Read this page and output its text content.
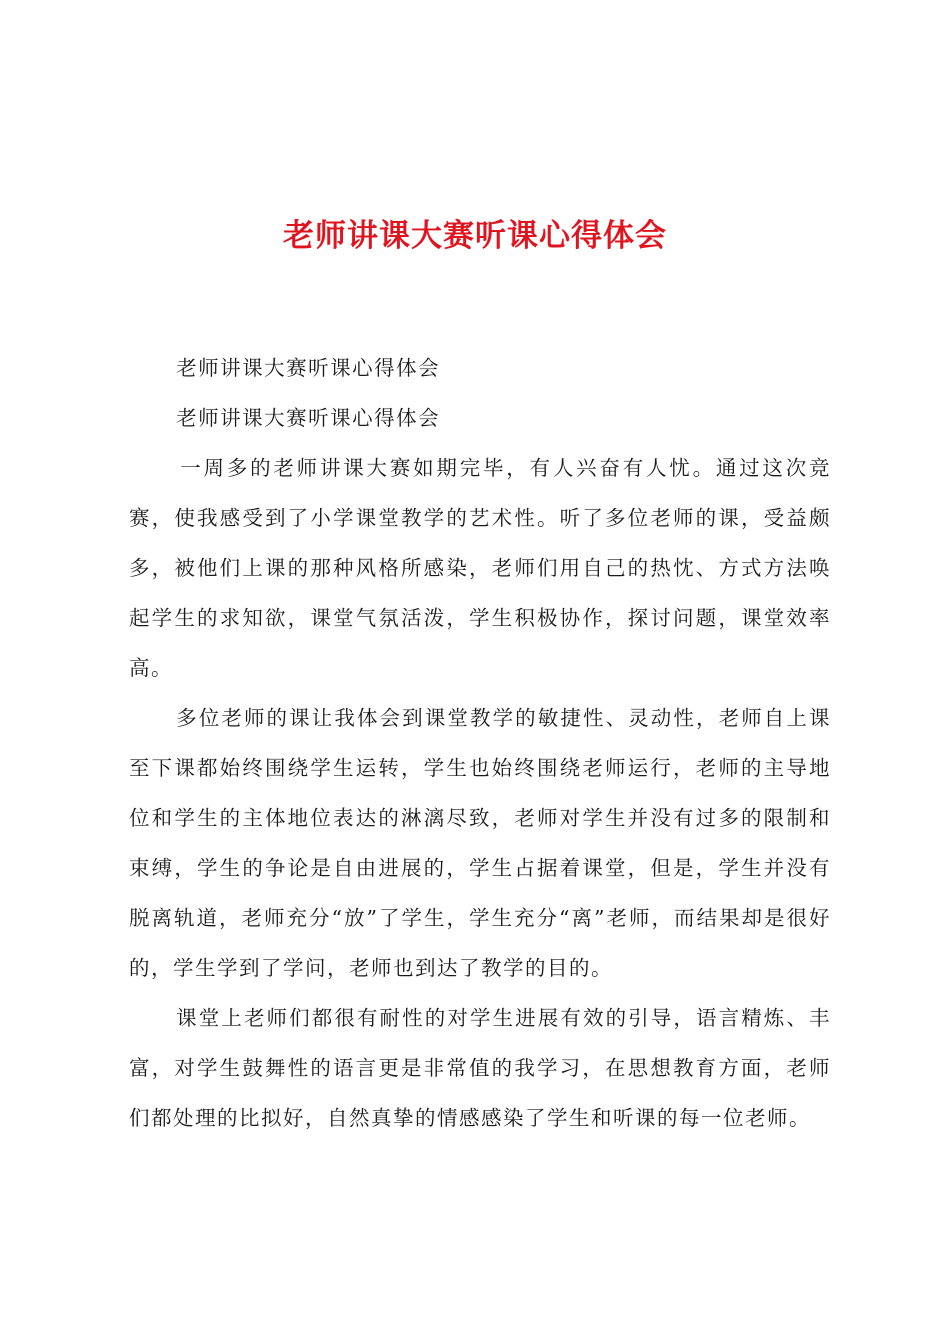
老师讲课大赛听课心得体会

老师讲课大赛听课心得体会

老师讲课大赛听课心得体会

一周多的老师讲课大赛如期完毕，有人兴奋有人忧。通过这次竞赛，使我感受到了小学课堂教学的艺术性。听了多位老师的课，受益颇多，被他们上课的那种风格所感染，老师们用自己的热忱、方式方法唤起学生的求知欲，课堂气氛活泼，学生积极协作，探讨问题，课堂效率高。

多位老师的课让我体会到课堂教学的敏捷性、灵动性，老师自上课至下课都始终围绕学生运转，学生也始终围绕老师运行，老师的主导地位和学生的主体地位表达的淋漓尽致，老师对学生并没有过多的限制和束缚，学生的争论是自由进展的，学生占据着课堂，但是，学生并没有脱离轨道，老师充分“放”了学生，学生充分“离”老师，而结果却是很好的，学生学到了学问，老师也到达了教学的目的。

课堂上老师们都很有耐性的对学生进展有效的引导，语言精炼、丰富，对学生鼓舞性的语言更是非常值的我学习，在思想教育方面，老师们都处理的比拟好，自然真挚的情感感染了学生和听课的每一位老师。
